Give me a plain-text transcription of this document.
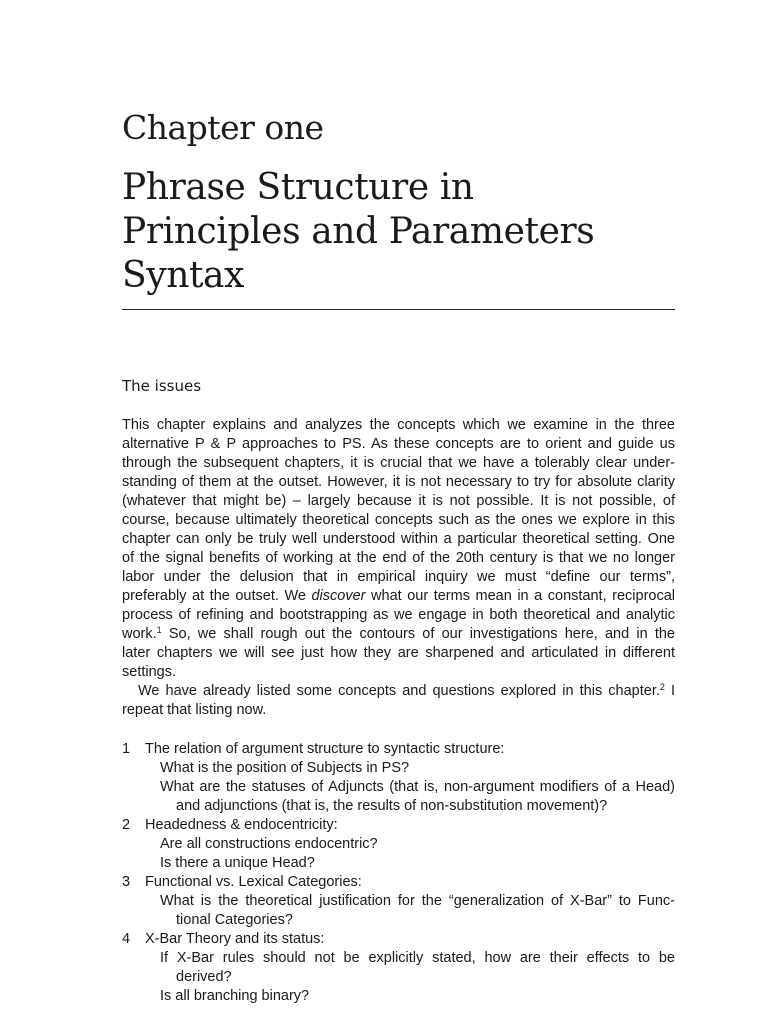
Chapter one
Phrase Structure in
Principles and Parameters
Syntax
The issues
This chapter explains and analyzes the concepts which we examine in the three
alternative P & P approaches to PS. As these concepts are to orient and guide us
through the subsequent chapters, it is crucial that we have a tolerably clear under-
standing of them at the outset. However, it is not necessary to try for absolute clarity
(whatever that might be) – largely because it is not possible. It is not possible, of
course, because ultimately theoretical concepts such as the ones we explore in this
chapter can only be truly well understood within a particular theoretical setting. One
of the signal benefits of working at the end of the 20th century is that we no longer
labor under the delusion that in empirical inquiry we must “define our terms”,
preferably at the outset. We discover what our terms mean in a constant, reciprocal
process of refining and bootstrapping as we engage in both theoretical and analytic
work.$^1$ So, we shall rough out the contours of our investigations here, and in the
later chapters we will see just how they are sharpened and articulated in different
settings.
We have already listed some concepts and questions explored in this chapter.$^2$ I
repeat that listing now.
1 The relation of argument structure to syntactic structure:
What is the position of Subjects in PS?
What are the statuses of Adjuncts (that is, non-argument modifiers of a Head)
and adjunctions (that is, the results of non-substitution movement)?
2 Headedness & endocentricity:
Are all constructions endocentric?
Is there a unique Head?
3 Functional vs. Lexical Categories:
What is the theoretical justification for the “generalization of X-Bar” to Func-
tional Categories?
4 X-Bar Theory and its status:
If X-Bar rules should not be explicitly stated, how are their effects to be
derived?
Is all branching binary?
